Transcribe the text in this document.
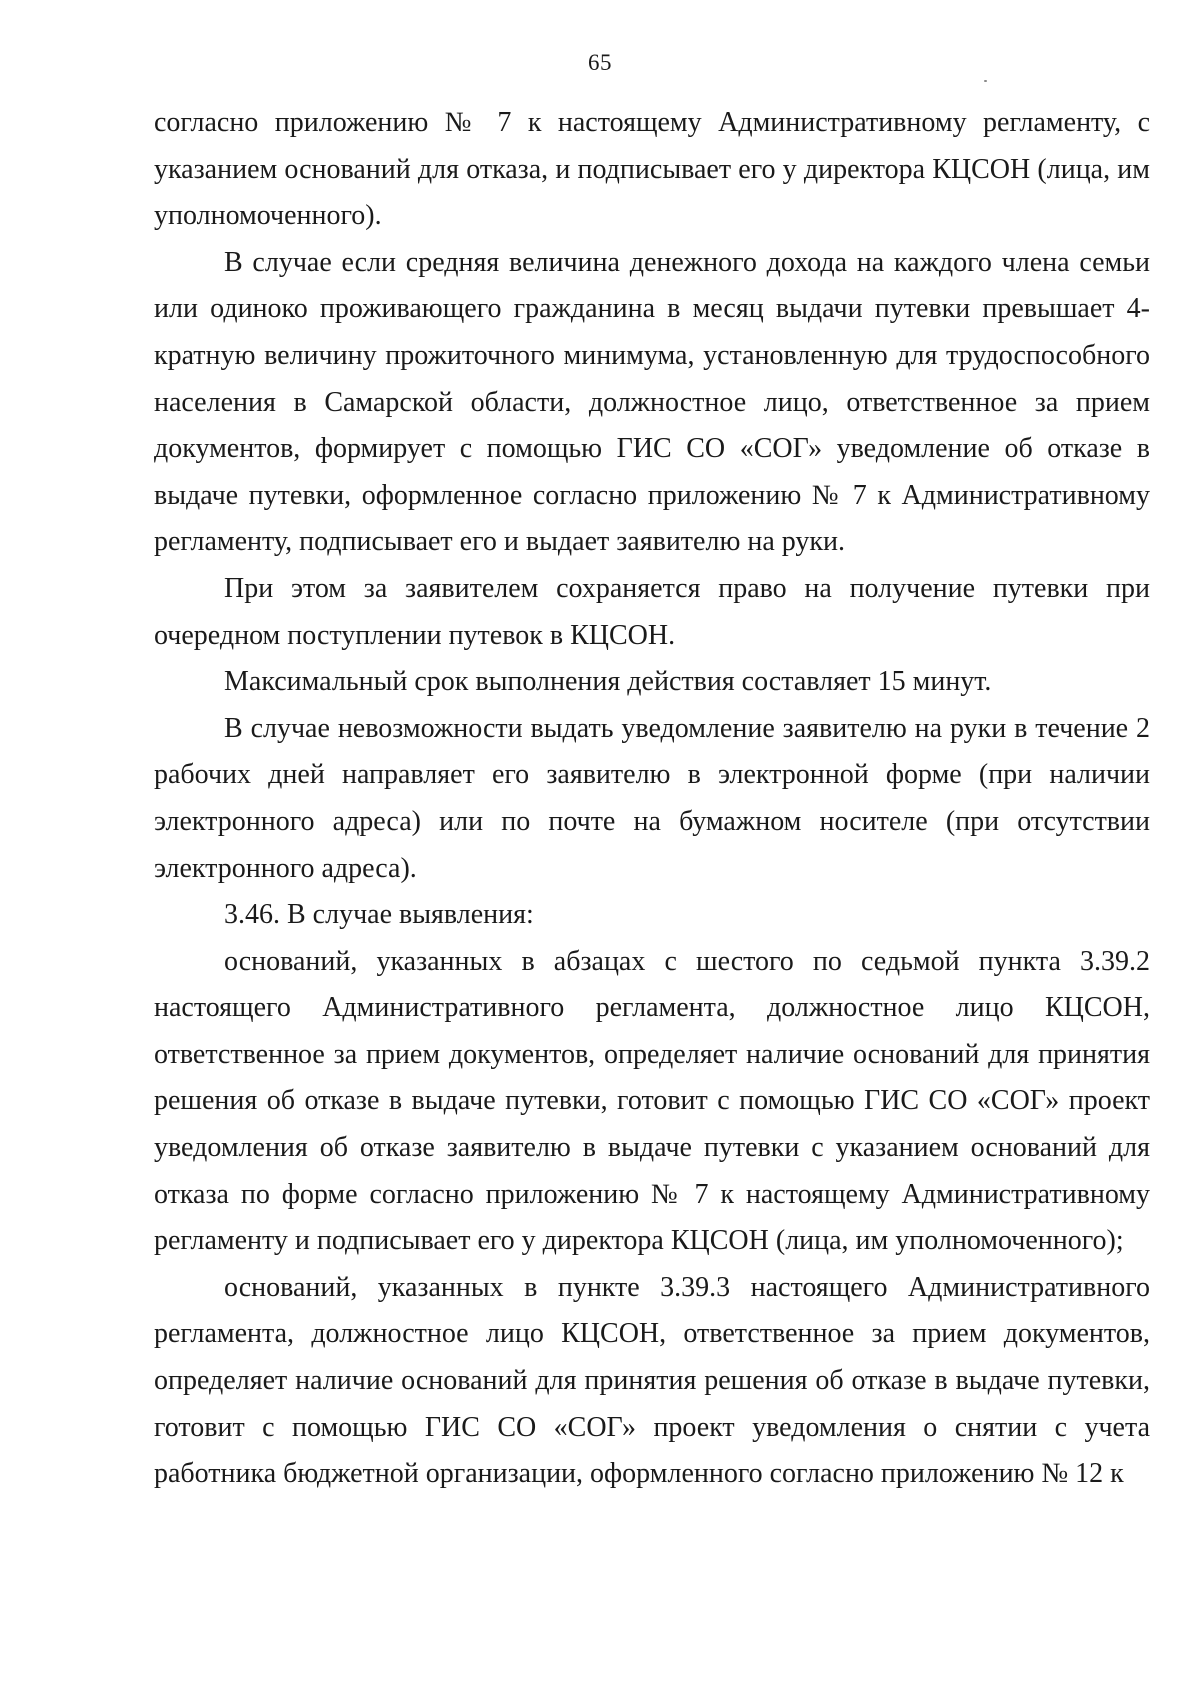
65

согласно приложению № 7 к настоящему Административному регламенту, с указанием оснований для отказа, и подписывает его у директора КЦСОН (лица, им уполномоченного).

В случае если средняя величина денежного дохода на каждого члена семьи или одиноко проживающего гражданина в месяц выдачи путевки превышает 4-кратную величину прожиточного минимума, установленную для трудоспособного населения в Самарской области, должностное лицо, ответственное за прием документов, формирует с помощью ГИС СО «СОГ» уведомление об отказе в выдаче путевки, оформленное согласно приложению № 7 к Административному регламенту, подписывает его и выдает заявителю на руки.

При этом за заявителем сохраняется право на получение путевки при очередном поступлении путевок в КЦСОН.

Максимальный срок выполнения действия составляет 15 минут.

В случае невозможности выдать уведомление заявителю на руки в течение 2 рабочих дней направляет его заявителю в электронной форме (при наличии электронного адреса) или по почте на бумажном носителе (при отсутствии электронного адреса).

3.46. В случае выявления:

оснований, указанных в абзацах с шестого по седьмой пункта 3.39.2 настоящего Административного регламента, должностное лицо КЦСОН, ответственное за прием документов, определяет наличие оснований для принятия решения об отказе в выдаче путевки, готовит с помощью ГИС СО «СОГ» проект уведомления об отказе заявителю в выдаче путевки с указанием оснований для отказа по форме согласно приложению № 7 к настоящему Административному регламенту и подписывает его у директора КЦСОН (лица, им уполномоченного);

оснований, указанных в пункте 3.39.3 настоящего Административного регламента, должностное лицо КЦСОН, ответственное за прием документов, определяет наличие оснований для принятия решения об отказе в выдаче путевки, готовит с помощью ГИС СО «СОГ» проект уведомления о снятии с учета работника бюджетной организации, оформленного согласно приложению № 12 к
